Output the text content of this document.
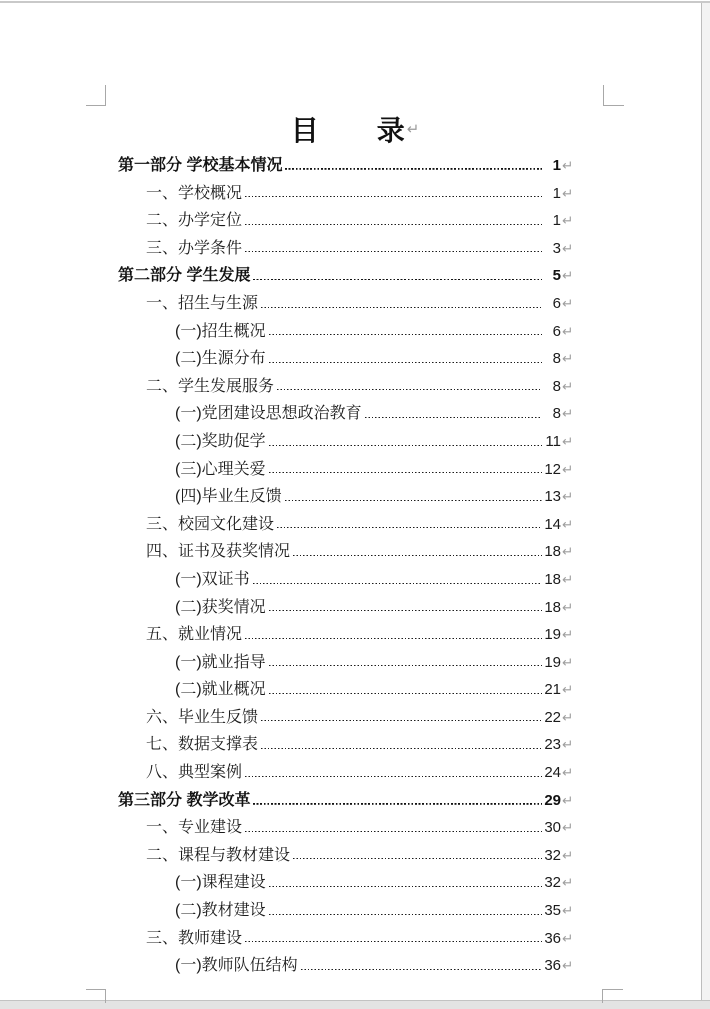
目 录 ↵
第一部分 学校基本情况	1 ↵
一、学校概况	1 ↵
二、办学定位	1 ↵
三、办学条件	3 ↵
第二部分 学生发展	5 ↵
一、招生与生源	6 ↵
(一)招生概况	6 ↵
(二)生源分布	8 ↵
二、学生发展服务	8 ↵
(一)党团建设思想政治教育	8 ↵
(二)奖助促学	11 ↵
(三)心理关爱	12 ↵
(四)毕业生反馈	13 ↵
三、校园文化建设	14 ↵
四、证书及获奖情况	18 ↵
(一)双证书	18 ↵
(二)获奖情况	18 ↵
五、就业情况	19 ↵
(一)就业指导	19 ↵
(二)就业概况	21 ↵
六、毕业生反馈	22 ↵
七、数据支撑表	23 ↵
八、典型案例	24 ↵
第三部分 教学改革	29 ↵
一、专业建设	30 ↵
二、课程与教材建设	32 ↵
(一)课程建设	32 ↵
(二)教材建设	35 ↵
三、教师建设	36 ↵
(一)教师队伍结构	36 ↵
